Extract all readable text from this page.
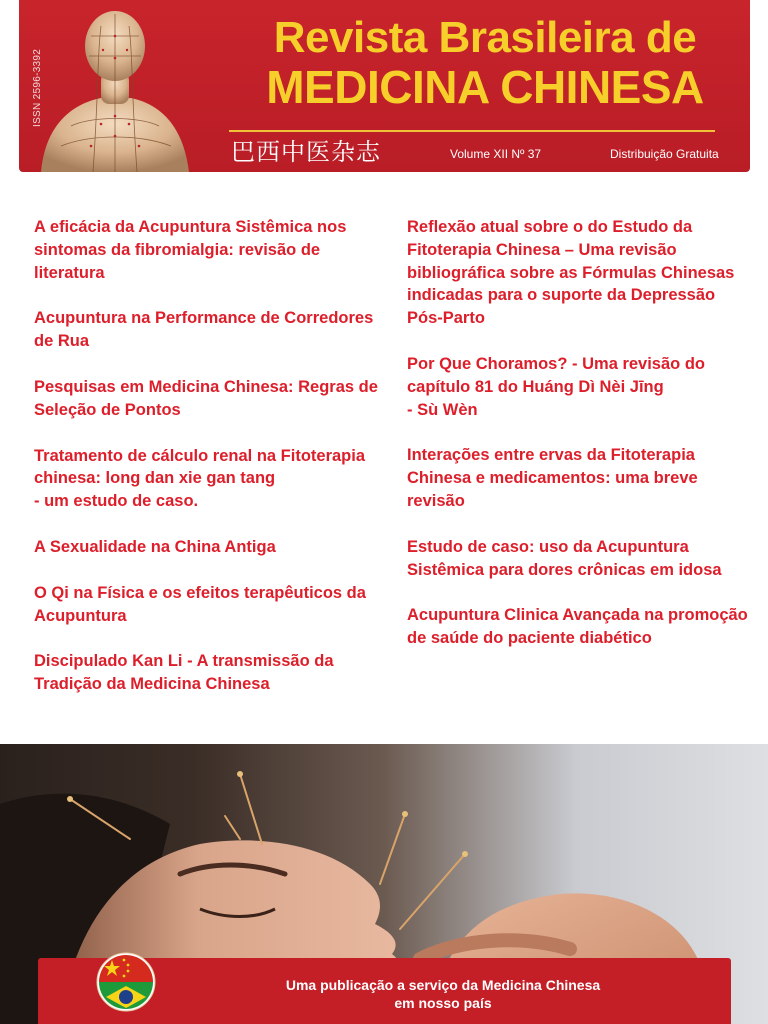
ISSN 2596-3392
Revista Brasileira de
MEDICINA CHINESA
巴西中医杂志	Volume XII Nº 37	Distribuição Gratuita
A eficácia da Acupuntura Sistêmica nos sintomas da fibromialgia: revisão de literatura
Acupuntura na Performance de Corredores de Rua
Pesquisas em Medicina Chinesa: Regras de Seleção de Pontos
Tratamento de cálculo renal na Fitoterapia
chinesa: long dan xie gan tang
- um estudo de caso.
A Sexualidade na China Antiga
O Qi na Física e os efeitos terapêuticos da Acupuntura
Discipulado Kan Li - A transmissão da Tradição da Medicina Chinesa
Reflexão atual sobre o do Estudo da Fitoterapia Chinesa – Uma revisão bibliográfica sobre as Fórmulas Chinesas indicadas para o suporte da Depressão Pós-Parto
Por Que Choramos? - Uma revisão do capítulo 81 do Huáng Dì Nèi Jīng
- Sù Wèn
Interações entre ervas da Fitoterapia Chinesa e medicamentos: uma breve revisão
Estudo de caso: uso da Acupuntura Sistêmica para dores crônicas em idosa
Acupuntura Clinica Avançada na promoção de saúde do paciente diabético
Uma publicação a serviço da Medicina Chinesa
em nosso país
